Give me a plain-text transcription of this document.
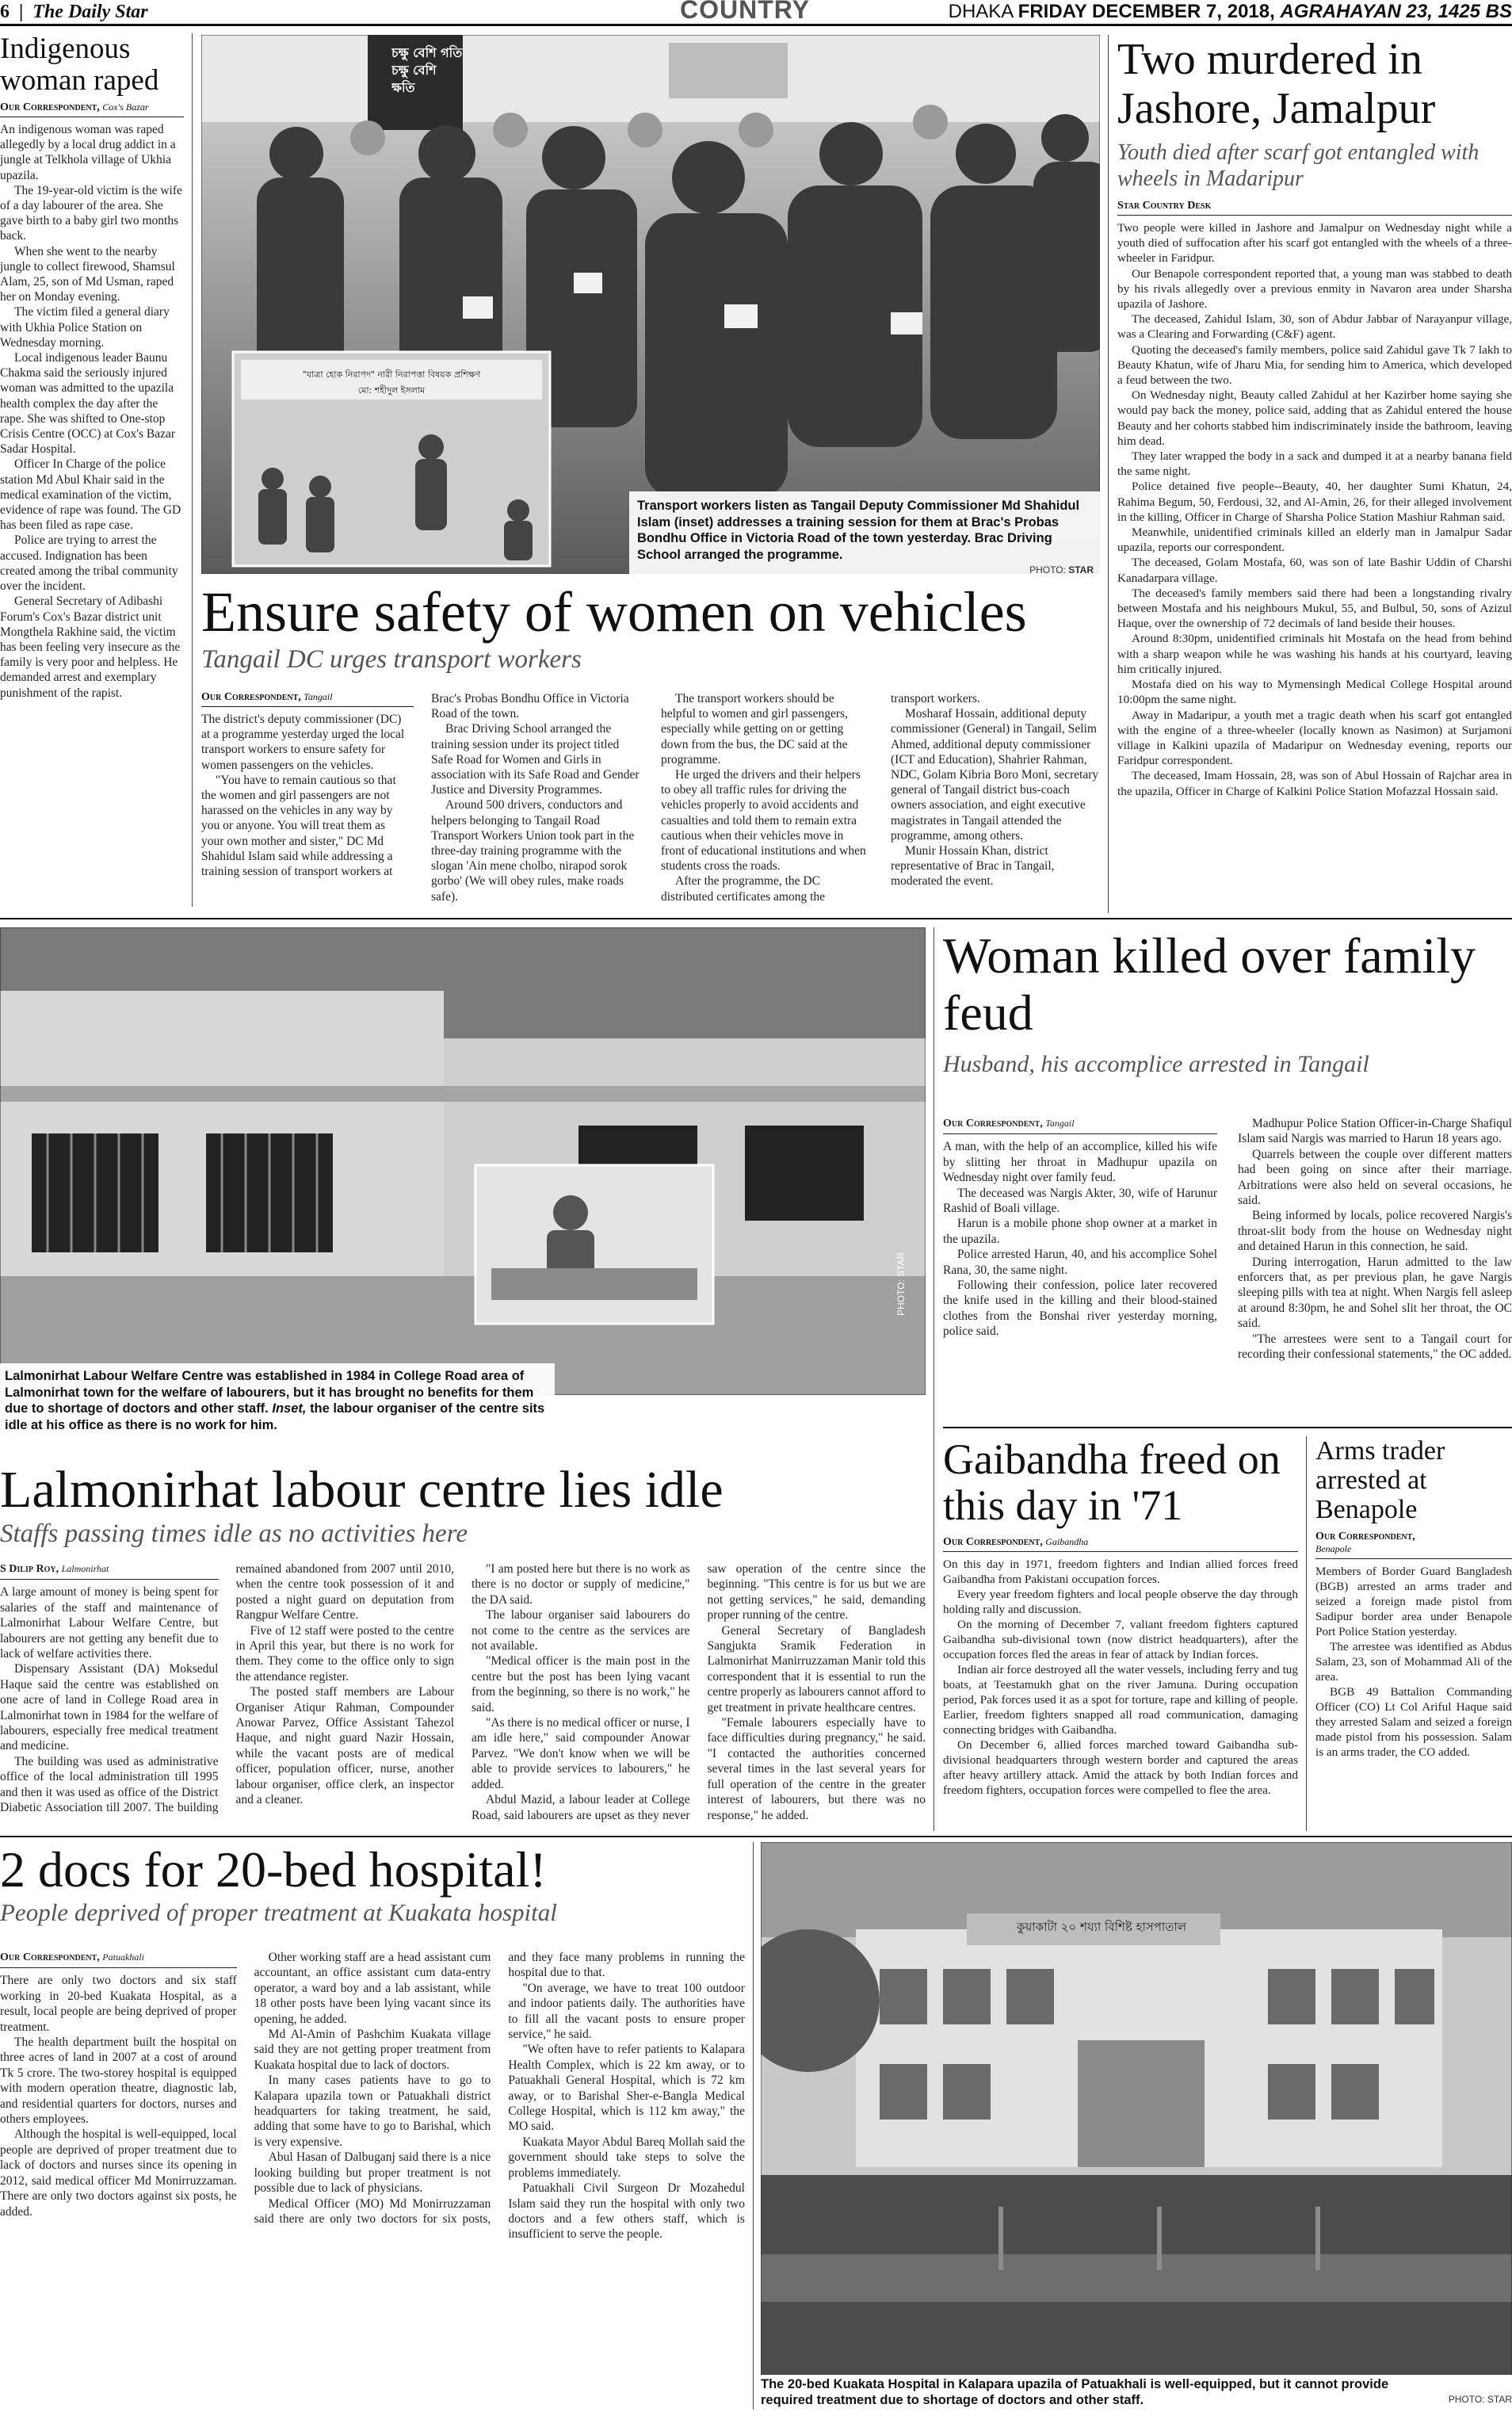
6 | The Daily Star	COUNTRY	DHAKA FRIDAY DECEMBER 7, 2018, AGRAHAYAN 23, 1425 BS
Indigenous woman raped
Our Correspondent, Cox's Bazar

An indigenous woman was raped allegedly by a local drug addict in a jungle at Telkhola village of Ukhia upazila.

The 19-year-old victim is the wife of a day labourer of the area. She gave birth to a baby girl two months back.

When she went to the nearby jungle to collect firewood, Shamsul Alam, 25, son of Md Usman, raped her on Monday evening.

The victim filed a general diary with Ukhia Police Station on Wednesday morning.

Local indigenous leader Baunu Chakma said the seriously injured woman was admitted to the upazila health complex the day after the rape. She was shifted to One-stop Crisis Centre (OCC) at Cox's Bazar Sadar Hospital.

Officer In Charge of the police station Md Abul Khair said in the medical examination of the victim, evidence of rape was found. The GD has been filed as rape case.

Police are trying to arrest the accused. Indignation has been created among the tribal community over the incident.

General Secretary of Adibashi Forum's Cox's Bazar district unit Mongthela Rakhine said, the victim has been feeling very insecure as the family is very poor and helpless. He demanded arrest and exemplary punishment of the rapist.

"যাত্রা হোক নিরাপদ" নারী নিরাপত্তা বিষয়ক প্রশিক্ষণ
মো: শহীদুল ইসলাম
চক্ষু বেশি গতি চক্ষু বেশি ক্ষতি
Transport workers listen as Tangail Deputy Commissioner Md Shahidul Islam (inset) addresses a training session for them at Brac's Probas Bondhu Office in Victoria Road of the town yesterday. Brac Driving School arranged the programme.
PHOTO: STAR
Ensure safety of women on vehicles
Tangail DC urges transport workers
Our Correspondent, Tangail

The district's deputy commissioner (DC) at a programme yesterday urged the local transport workers to ensure safety for women passengers on the vehicles.

"You have to remain cautious so that the women and girl passengers are not harassed on the vehicles in any way by you or anyone. You will treat them as your own mother and sister," DC Md Shahidul Islam said while addressing a training session of transport workers at Brac's Probas Bondhu Office in Victoria Road of the town.

Brac Driving School arranged the training session under its project titled Safe Road for Women and Girls in association with its Safe Road and Gender Justice and Diversity Programmes.

Around 500 drivers, conductors and helpers belonging to Tangail Road Transport Workers Union took part in the three-day training programme with the slogan 'Ain mene cholbo, nirapod sorok gorbo' (We will obey rules, make roads safe).

The transport workers should be helpful to women and girl passengers, especially while getting on or getting down from the bus, the DC said at the programme.

He urged the drivers and their helpers to obey all traffic rules for driving the vehicles properly to avoid accidents and casualties and told them to remain extra cautious when their vehicles move in front of educational institutions and when students cross the roads.

After the programme, the DC distributed certificates among the transport workers.

Mosharaf Hossain, additional deputy commissioner (General) in Tangail, Selim Ahmed, additional deputy commissioner (ICT and Education), Shahrier Rahman, NDC, Golam Kibria Boro Moni, secretary general of Tangail district bus-coach owners association, and eight executive magistrates in Tangail attended the programme, among others.

Munir Hossain Khan, district representative of Brac in Tangail, moderated the event.

Two murdered in Jashore, Jamalpur
Youth died after scarf got entangled with wheels in Madaripur
Star Country Desk

Two people were killed in Jashore and Jamalpur on Wednesday night while a youth died of suffocation after his scarf got entangled with the wheels of a three-wheeler in Faridpur.

Our Benapole correspondent reported that, a young man was stabbed to death by his rivals allegedly over a previous enmity in Navaron area under Sharsha upazila of Jashore.

The deceased, Zahidul Islam, 30, son of Abdur Jabbar of Narayanpur village, was a Clearing and Forwarding (C&F) agent.

Quoting the deceased's family members, police said Zahidul gave Tk 7 lakh to Beauty Khatun, wife of Jharu Mia, for sending him to America, which developed a feud between the two.

On Wednesday night, Beauty called Zahidul at her Kazirber home saying she would pay back the money, police said, adding that as Zahidul entered the house Beauty and her cohorts stabbed him indiscriminately inside the bathroom, leaving him dead.

They later wrapped the body in a sack and dumped it at a nearby banana field the same night.

Police detained five people--Beauty, 40, her daughter Sumi Khatun, 24, Rahima Begum, 50, Ferdousi, 32, and Al-Amin, 26, for their alleged involvement in the killing, Officer in Charge of Sharsha Police Station Mashiur Rahman said.

Meanwhile, unidentified criminals killed an elderly man in Jamalpur Sadar upazila, reports our correspondent.

The deceased, Golam Mostafa, 60, was son of late Bashir Uddin of Charshi Kanadarpara village.

The deceased's family members said there had been a longstanding rivalry between Mostafa and his neighbours Mukul, 55, and Bulbul, 50, sons of Azizul Haque, over the ownership of 72 decimals of land beside their houses.

Around 8:30pm, unidentified criminals hit Mostafa on the head from behind with a sharp weapon while he was washing his hands at his courtyard, leaving him critically injured.

Mostafa died on his way to Mymensingh Medical College Hospital around 10:00pm the same night.

Away in Madaripur, a youth met a tragic death when his scarf got entangled with the engine of a three-wheeler (locally known as Nasimon) at Surjamoni village in Kalkini upazila of Madaripur on Wednesday evening, reports our Faridpur correspondent.

The deceased, Imam Hossain, 28, was son of Abul Hossain of Rajchar area in the upazila, Officer in Charge of Kalkini Police Station Mofazzal Hossain said.

PHOTO: STAR
Lalmonirhat Labour Welfare Centre was established in 1984 in College Road area of Lalmonirhat town for the welfare of labourers, but it has brought no benefits for them due to shortage of doctors and other staff. Inset, the labour organiser of the centre sits idle at his office as there is no work for him.
Lalmonirhat labour centre lies idle
Staffs passing times idle as no activities here
S Dilip Roy, Lalmonirhat

A large amount of money is being spent for salaries of the staff and maintenance of Lalmonirhat Labour Welfare Centre, but labourers are not getting any benefit due to lack of welfare activities there.

Dispensary Assistant (DA) Moksedul Haque said the centre was established on one acre of land in College Road area in Lalmonirhat town in 1984 for the welfare of labourers, especially free medical treatment and medicine.

The building was used as administrative office of the local administration till 1995 and then it was used as office of the District Diabetic Association till 2007. The building remained abandoned from 2007 until 2010, when the centre took possession of it and posted a night guard on deputation from Rangpur Welfare Centre.

Five of 12 staff were posted to the centre in April this year, but there is no work for them. They come to the office only to sign the attendance register.

The posted staff members are Labour Organiser Atiqur Rahman, Compounder Anowar Parvez, Office Assistant Tahezol Haque, and night guard Nazir Hossain, while the vacant posts are of medical officer, population officer, nurse, another labour organiser, office clerk, an inspector and a cleaner.

"I am posted here but there is no work as there is no doctor or supply of medicine," the DA said.

The labour organiser said labourers do not come to the centre as the services are not available.

"Medical officer is the main post in the centre but the post has been lying vacant from the beginning, so there is no work," he said.

"As there is no medical officer or nurse, I am idle here," said compounder Anowar Parvez. "We don't know when we will be able to provide services to labourers," he added.

Abdul Mazid, a labour leader at College Road, said labourers are upset as they never saw operation of the centre since the beginning. "This centre is for us but we are not getting services," he said, demanding proper running of the centre.

General Secretary of Bangladesh Sangjukta Sramik Federation in Lalmonirhat Manirruzzaman Manir told this correspondent that it is essential to run the centre properly as labourers cannot afford to get treatment in private healthcare centres.

"Female labourers especially have to face difficulties during pregnancy," he said. "I contacted the authorities concerned several times in the last several years for full operation of the centre in the greater interest of labourers, but there was no response," he added.

Woman killed over family feud
Husband, his accomplice arrested in Tangail
Our Correspondent, Tangail

A man, with the help of an accomplice, killed his wife by slitting her throat in Madhupur upazila on Wednesday night over family feud.

The deceased was Nargis Akter, 30, wife of Harunur Rashid of Boali village.

Harun is a mobile phone shop owner at a market in the upazila.

Police arrested Harun, 40, and his accomplice Sohel Rana, 30, the same night.

Following their confession, police later recovered the knife used in the killing and their blood-stained clothes from the Bonshai river yesterday morning, police said.

Madhupur Police Station Officer-in-Charge Shafiqul Islam said Nargis was married to Harun 18 years ago.

Quarrels between the couple over different matters had been going on since after their marriage. Arbitrations were also held on several occasions, he said.

Being informed by locals, police recovered Nargis's throat-slit body from the house on Wednesday night and detained Harun in this connection, he said.

During interrogation, Harun admitted to the law enforcers that, as per previous plan, he gave Nargis sleeping pills with tea at night. When Nargis fell asleep at around 8:30pm, he and Sohel slit her throat, the OC said.

"The arrestees were sent to a Tangail court for recording their confessional statements," the OC added.

Gaibandha freed on this day in '71
Our Correspondent, Gaibandha

On this day in 1971, freedom fighters and Indian allied forces freed Gaibandha from Pakistani occupation forces.

Every year freedom fighters and local people observe the day through holding rally and discussion.

On the morning of December 7, valiant freedom fighters captured Gaibandha sub-divisional town (now district headquarters), after the occupation forces fled the areas in fear of attack by Indian forces.

Indian air force destroyed all the water vessels, including ferry and tug boats, at Teestamukh ghat on the river Jamuna. During occupation period, Pak forces used it as a spot for torture, rape and killing of people. Earlier, freedom fighters snapped all road communication, damaging connecting bridges with Gaibandha.

On December 6, allied forces marched toward Gaibandha sub-divisional headquarters through western border and captured the areas after heavy artillery attack. Amid the attack by both Indian forces and freedom fighters, occupation forces were compelled to flee the area.

Arms trader arrested at Benapole
Our Correspondent,
Benapole

Members of Border Guard Bangladesh (BGB) arrested an arms trader and seized a foreign made pistol from Sadipur border area under Benapole Port Police Station yesterday.

The arrestee was identified as Abdus Salam, 23, son of Mohammad Ali of the area.

BGB 49 Battalion Commanding Officer (CO) Lt Col Ariful Haque said they arrested Salam and seized a foreign made pistol from his possession. Salam is an arms trader, the CO added.

2 docs for 20-bed hospital!
People deprived of proper treatment at Kuakata hospital
Our Correspondent, Patuakhali

There are only two doctors and six staff working in 20-bed Kuakata Hospital, as a result, local people are being deprived of proper treatment.

The health department built the hospital on three acres of land in 2007 at a cost of around Tk 5 crore. The two-storey hospital is equipped with modern operation theatre, diagnostic lab, and residential quarters for doctors, nurses and others employees.

Although the hospital is well-equipped, local people are deprived of proper treatment due to lack of doctors and nurses since its opening in 2012, said medical officer Md Monirruzzaman. There are only two doctors against six posts, he added.

Other working staff are a head assistant cum accountant, an office assistant cum data-entry operator, a ward boy and a lab assistant, while 18 other posts have been lying vacant since its opening, he added.

Md Al-Amin of Pashchim Kuakata village said they are not getting proper treatment from Kuakata hospital due to lack of doctors.

In many cases patients have to go to Kalapara upazila town or Patuakhali district headquarters for taking treatment, he said, adding that some have to go to Barishal, which is very expensive.

Abul Hasan of Dalbuganj said there is a nice looking building but proper treatment is not possible due to lack of physicians.

Medical Officer (MO) Md Monirruzzaman said there are only two doctors for six posts, and they face many problems in running the hospital due to that.

"On average, we have to treat 100 outdoor and indoor patients daily. The authorities have to fill all the vacant posts to ensure proper service," he said.

"We often have to refer patients to Kalapara Health Complex, which is 22 km away, or to Patuakhali General Hospital, which is 72 km away, or to Barishal Sher-e-Bangla Medical College Hospital, which is 112 km away," the MO said.

Kuakata Mayor Abdul Bareq Mollah said the government should take steps to solve the problems immediately.

Patuakhali Civil Surgeon Dr Mozahedul Islam said they run the hospital with only two doctors and a few others staff, which is insufficient to serve the people.

কুয়াকাটা ২০ শয্যা বিশিষ্ট হাসপাতাল
The 20-bed Kuakata Hospital in Kalapara upazila of Patuakhali is well-equipped, but it cannot provide required treatment due to shortage of doctors and other staff.	PHOTO: STAR
